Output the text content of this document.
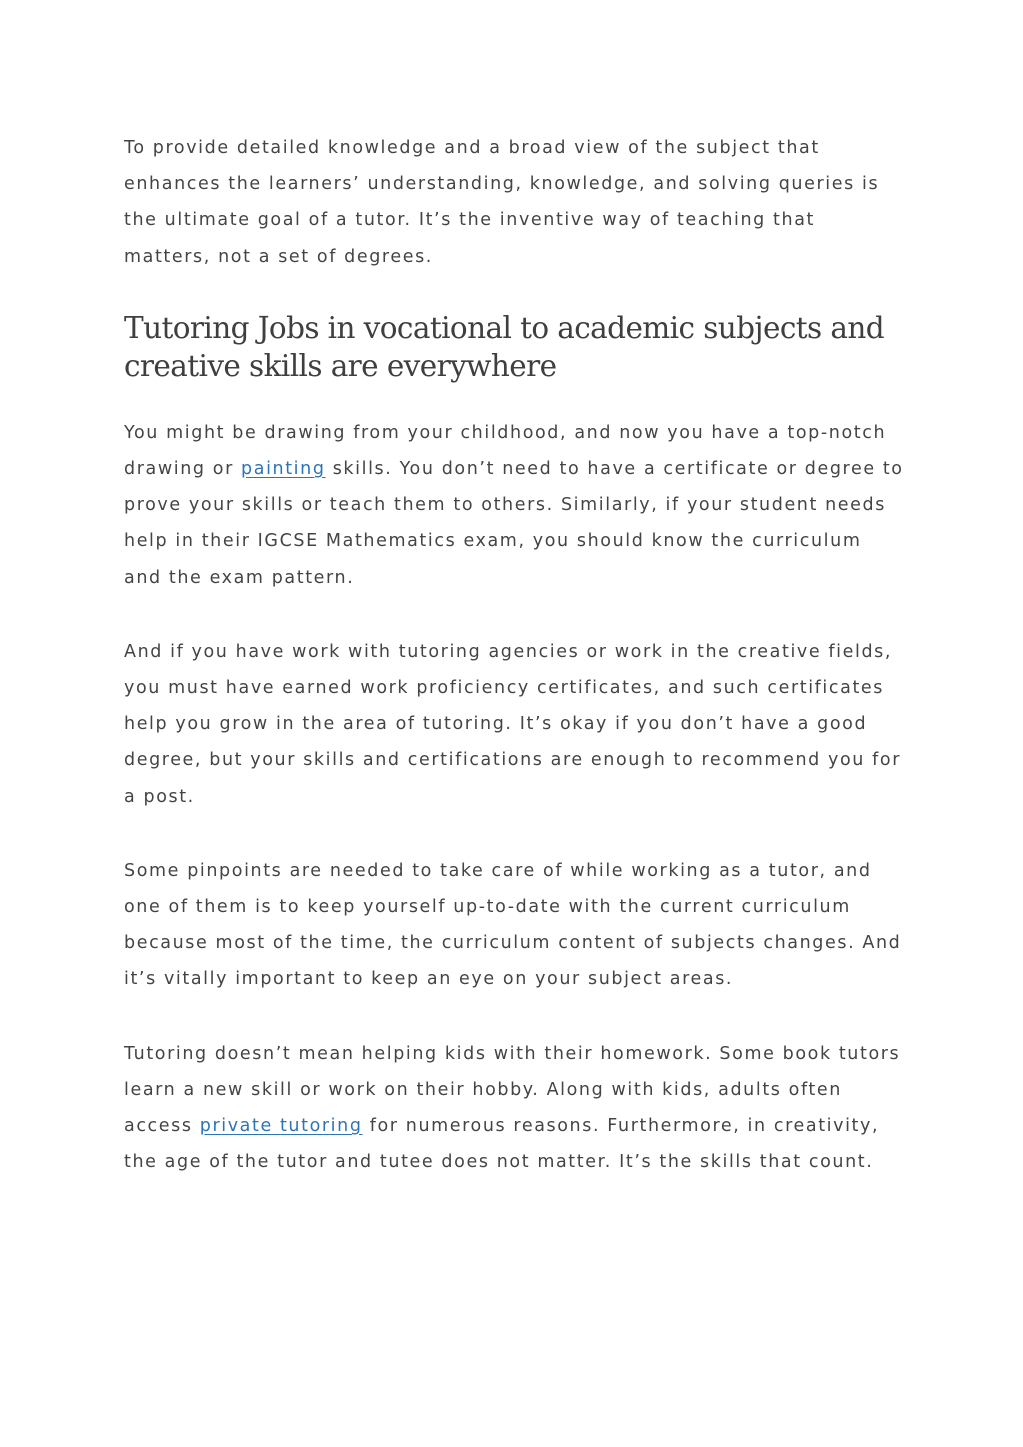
To provide detailed knowledge and a broad view of the subject that enhances the learners’ understanding, knowledge, and solving queries is the ultimate goal of a tutor. It’s the inventive way of teaching that matters, not a set of degrees.

Tutoring Jobs in vocational to academic subjects and creative skills are everywhere

You might be drawing from your childhood, and now you have a top-notch drawing or painting skills. You don’t need to have a certificate or degree to prove your skills or teach them to others. Similarly, if your student needs help in their IGCSE Mathematics exam, you should know the curriculum and the exam pattern.

And if you have work with tutoring agencies or work in the creative fields, you must have earned work proficiency certificates, and such certificates help you grow in the area of tutoring. It’s okay if you don’t have a good degree, but your skills and certifications are enough to recommend you for a post.

Some pinpoints are needed to take care of while working as a tutor, and one of them is to keep yourself up-to-date with the current curriculum because most of the time, the curriculum content of subjects changes. And it’s vitally important to keep an eye on your subject areas.

Tutoring doesn’t mean helping kids with their homework. Some book tutors learn a new skill or work on their hobby. Along with kids, adults often access private tutoring for numerous reasons. Furthermore, in creativity, the age of the tutor and tutee does not matter. It’s the skills that count.
